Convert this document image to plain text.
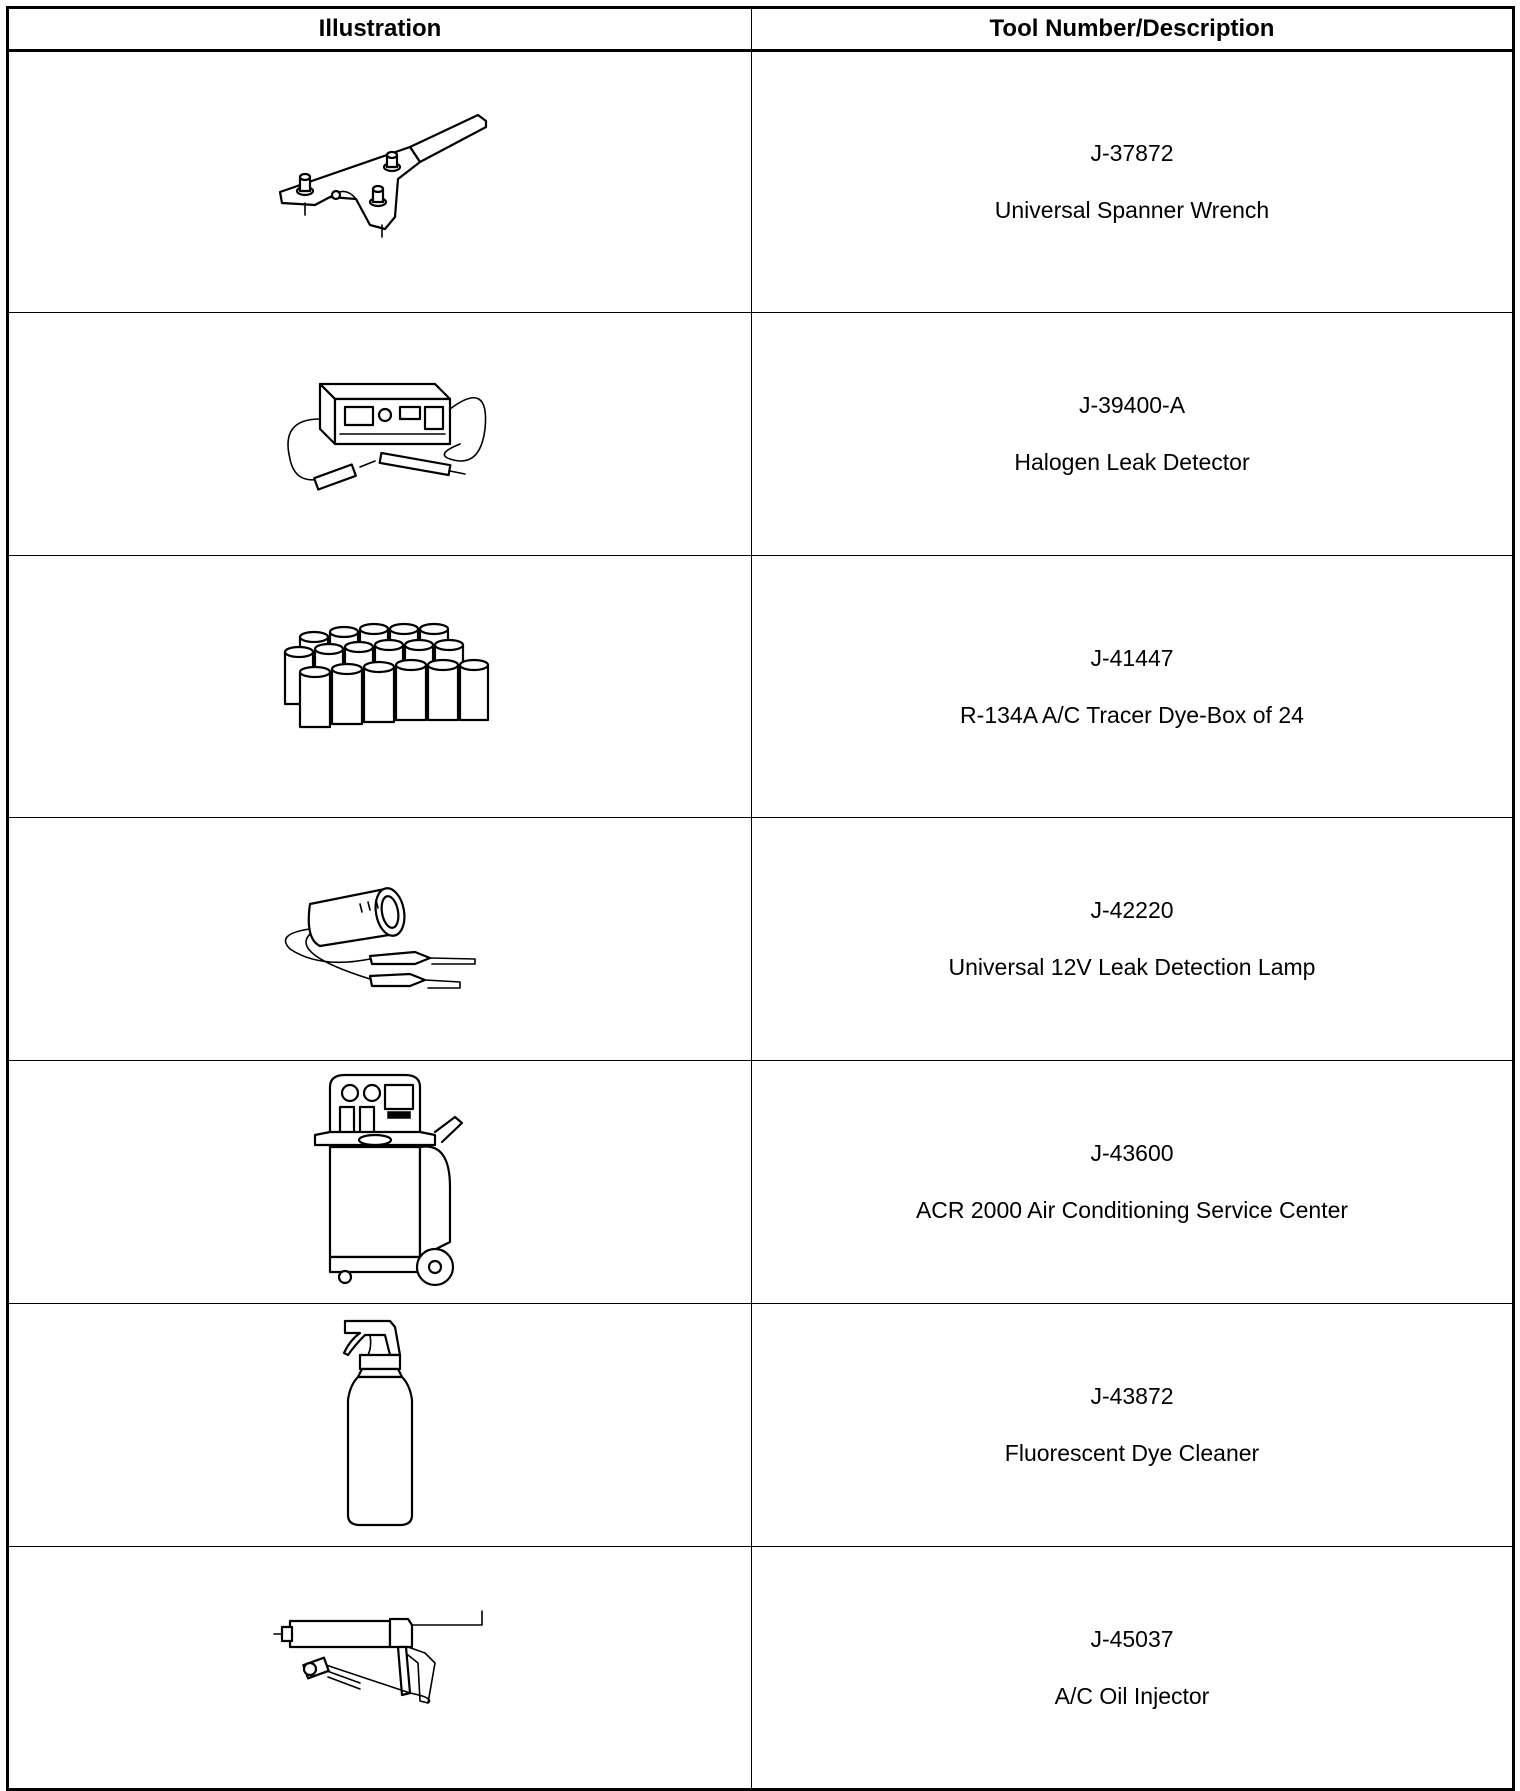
Illustration	Tool Number/Description

J-37872
Universal Spanner Wrench

J-39400-A
Halogen Leak Detector

J-41447
R-134A A/C Tracer Dye-Box of 24

J-42220
Universal 12V Leak Detection Lamp

J-43600
ACR 2000 Air Conditioning Service Center

J-43872
Fluorescent Dye Cleaner

J-45037
A/C Oil Injector
